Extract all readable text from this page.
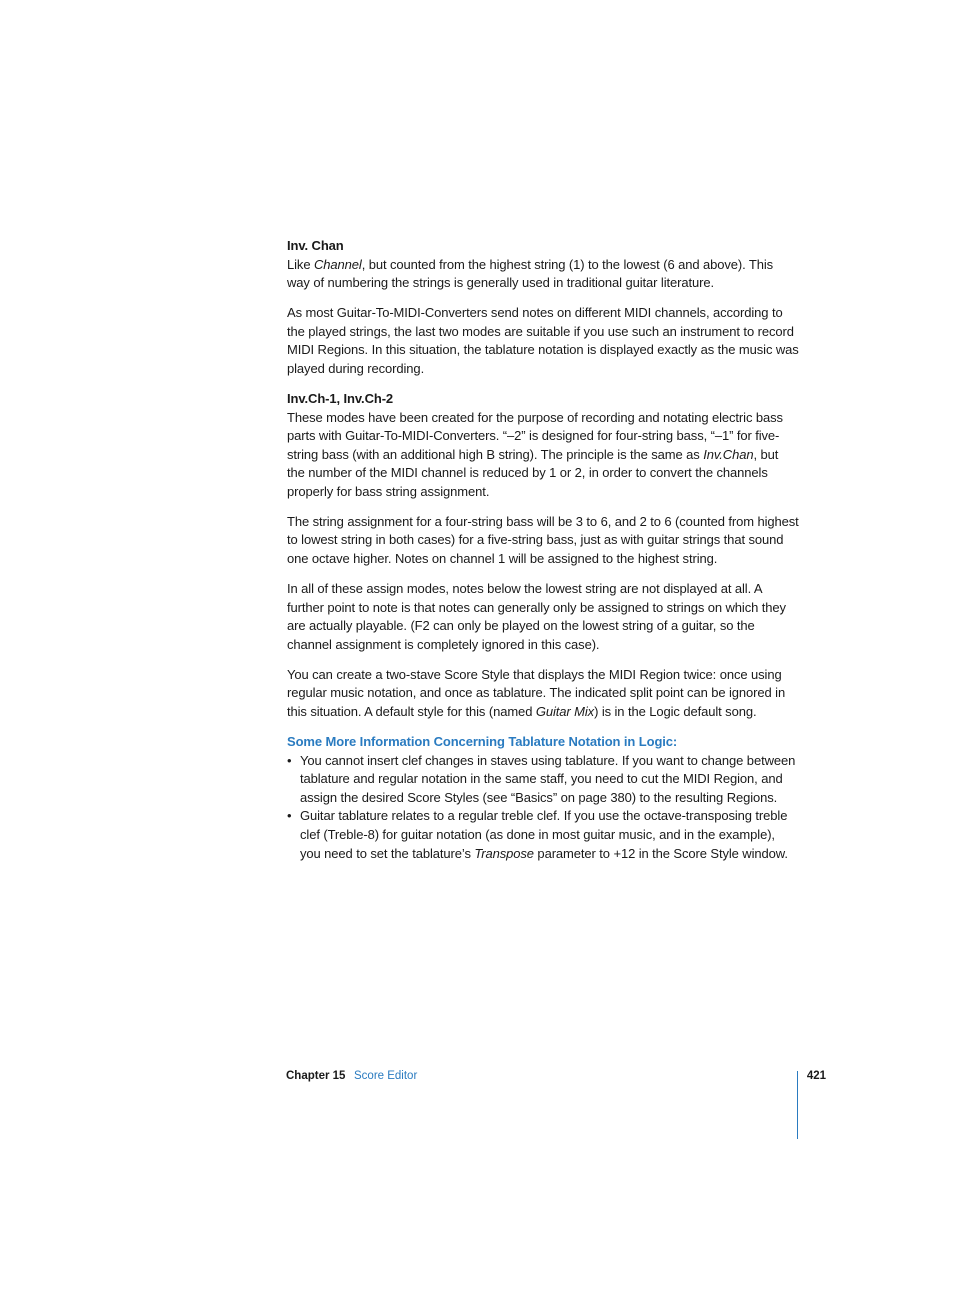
Inv. Chan

Like Channel, but counted from the highest string (1) to the lowest (6 and above). This way of numbering the strings is generally used in traditional guitar literature.

As most Guitar-To-MIDI-Converters send notes on different MIDI channels, according to the played strings, the last two modes are suitable if you use such an instrument to record MIDI Regions. In this situation, the tablature notation is displayed exactly as the music was played during recording.

Inv.Ch-1, Inv.Ch-2

These modes have been created for the purpose of recording and notating electric bass parts with Guitar-To-MIDI-Converters. “–2” is designed for four-string bass, “–1” for five-string bass (with an additional high B string). The principle is the same as Inv.Chan, but the number of the MIDI channel is reduced by 1 or 2, in order to convert the channels properly for bass string assignment.

The string assignment for a four-string bass will be 3 to 6, and 2 to 6 (counted from highest to lowest string in both cases) for a five-string bass, just as with guitar strings that sound one octave higher. Notes on channel 1 will be assigned to the highest string.

In all of these assign modes, notes below the lowest string are not displayed at all. A further point to note is that notes can generally only be assigned to strings on which they are actually playable. (F2 can only be played on the lowest string of a guitar, so the channel assignment is completely ignored in this case).

You can create a two-stave Score Style that displays the MIDI Region twice: once using regular music notation, and once as tablature. The indicated split point can be ignored in this situation. A default style for this (named Guitar Mix) is in the Logic default song.

Some More Information Concerning Tablature Notation in Logic:
• You cannot insert clef changes in staves using tablature. If you want to change between tablature and regular notation in the same staff, you need to cut the MIDI Region, and assign the desired Score Styles (see “Basics” on page 380) to the resulting Regions.
• Guitar tablature relates to a regular treble clef. If you use the octave-transposing treble clef (Treble-8) for guitar notation (as done in most guitar music, and in the example), you need to set the tablature’s Transpose parameter to +12 in the Score Style window.
Chapter 15 Score Editor	421
